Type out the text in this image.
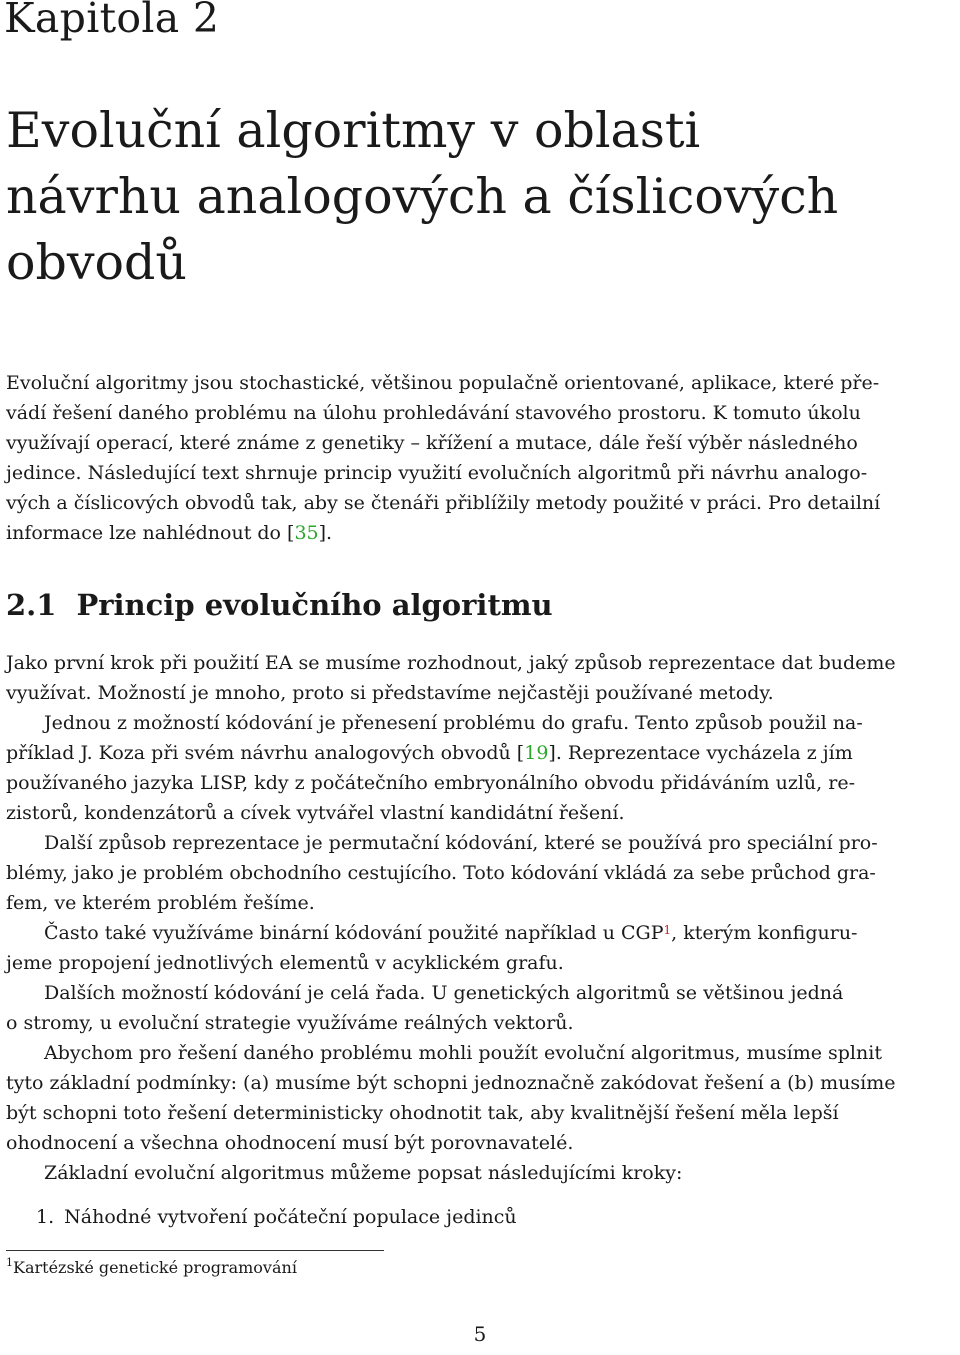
Kapitola 2
Evoluční algoritmy v oblasti
návrhu analogových a číslicových
obvodů

Evoluční algoritmy jsou stochastické, většinou populačně orientované, aplikace, které pře-
vádí řešení daného problému na úlohu prohledávání stavového prostoru. K tomuto úkolu
využívají operací, které známe z genetiky – křížení a mutace, dále řeší výběr následného
jedince. Následující text shrnuje princip využití evolučních algoritmů při návrhu analogo-
vých a číslicových obvodů tak, aby se čtenáři přiblížily metody použité v práci. Pro detailní
informace lze nahlédnout do [35].

2.1 Princip evolučního algoritmu
Jako první krok při použití EA se musíme rozhodnout, jaký způsob reprezentace dat budeme
využívat. Možností je mnoho, proto si představíme nejčastěji používané metody.
Jednou z možností kódování je přenesení problému do grafu. Tento způsob použil na-
příklad J. Koza při svém návrhu analogových obvodů [19]. Reprezentace vycházela z jím
používaného jazyka LISP, kdy z počátečního embryonálního obvodu přidáváním uzlů, re-
zistorů, kondenzátorů a cívek vytvářel vlastní kandidátní řešení.
Další způsob reprezentace je permutační kódování, které se používá pro speciální pro-
blémy, jako je problém obchodního cestujícího. Toto kódování vkládá za sebe průchod gra-
fem, ve kterém problém řešíme.
Často také využíváme binární kódování použité například u CGP$^1$, kterým konfiguru-
jeme propojení jednotlivých elementů v acyklickém grafu.
Dalších možností kódování je celá řada. U genetických algoritmů se většinou jedná
o stromy, u evoluční strategie využíváme reálných vektorů.
Abychom pro řešení daného problému mohli použít evoluční algoritmus, musíme splnit
tyto základní podmínky: (a) musíme být schopni jednoznačně zakódovat řešení a (b) musíme
být schopni toto řešení deterministicky ohodnotit tak, aby kvalitnější řešení měla lepší
ohodnocení a všechna ohodnocení musí být porovnavatelé.
Základní evoluční algoritmus můžeme popsat následujícími kroky:

1. Náhodné vytvoření počáteční populace jedinců

$^1$Kartézské genetické programování

5
